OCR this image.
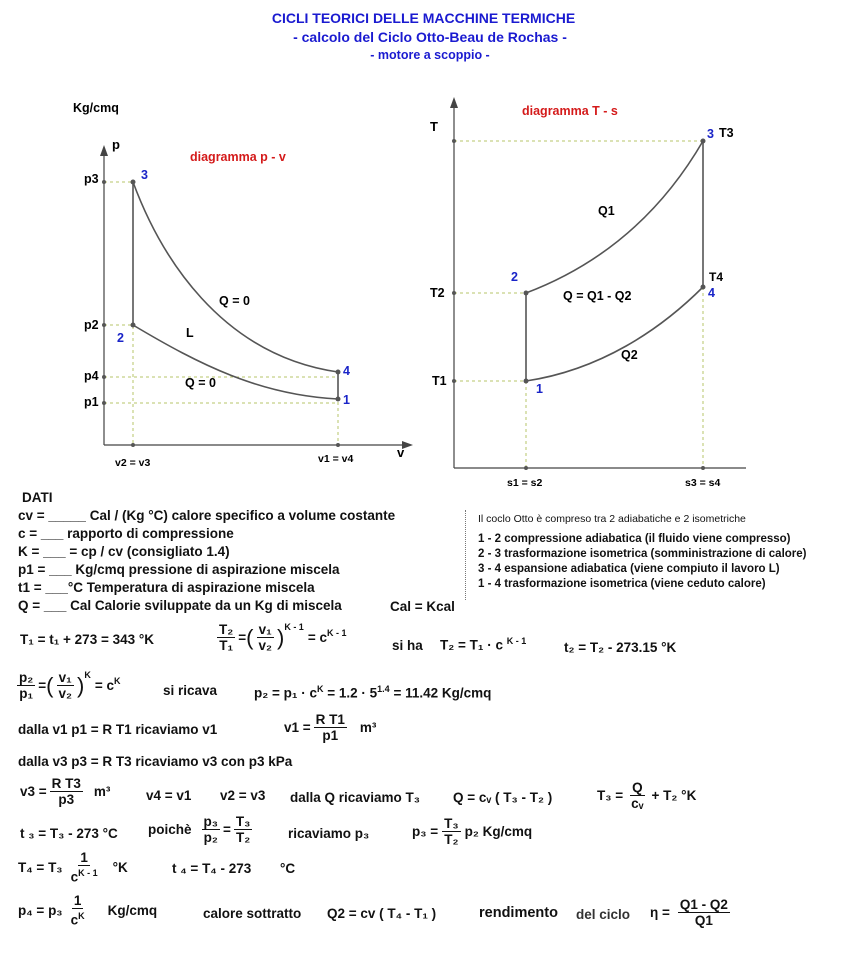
CICLI TEORICI DELLE MACCHINE TERMICHE
- calcolo del Ciclo Otto-Beau de Rochas -
- motore a scoppio -
Kg/cmq
p
diagramma p - v
p3
p2
p4
p1
v2 = v3	v1 = v4	v
3
2
4
1
Q = 0
L
Q = 0
diagramma T - s
T	3 T3
T4
4
T2
T1
2
1
Q1
Q = Q1 - Q2
Q2
s1 = s2	s3 = s4
DATI
cv = _____ Cal / (Kg °C) calore specifico a volume costante
c = ___ rapporto di compressione
K = ___ = cp / cv (consigliato 1.4)
p1 = ___ Kg/cmq pressione di aspirazione miscela
t1 = ___°C Temperatura di aspirazione miscela
Q = ___ Cal Calorie sviluppate da un Kg di miscela	Cal = Kcal
Il coclo Otto è compreso tra 2 adiabatiche e 2 isometriche
1 - 2 compressione adiabatica (il fluido viene compresso)
2 - 3 trasformazione isometrica (somministrazione di calore)
3 - 4 espansione adiabatica (viene compiuto il lavoro L)
1 - 4 trasformazione isometrica (viene ceduto calore)
T₁ = t₁ + 273 = 343 °K	$\frac{\text{T₂}}{\text{T₁}}$ = ( $\frac{\text{v₁}}{\text{v₂}} )^{K - 1}$
= $c^{K - 1}$
si ha T₂ = T₁ · c $^{K - 1}$	t₂ = T₂ - 273.15 °K
$\frac{\text{p₂}}{\text{p₁}}$ = ( $\frac{\text{v₁}}{\text{v₂}} )^K$
= $c^K$
si ricava	$p_2 = p_1 \cdot c^K = 1.2 \cdot 5^{1.4} = 11.42$ Kg/cmq
dalla v1 p1 = R T1 ricaviamo v1	$v1 = \frac{\text{R T1}}{p1} m^3$
dalla v3 p3 = R T3 ricaviamo v3 con p3 kPa
$v3 = \frac{\text{R T3}}{p3} m^3$	v4 = v1 v2 = v3 dalla Q ricaviamo T₃ Q = cᵥ ( T₃ - T₂ )	$T_3 = \frac{Q}{\text{cᵥ}} + T_2$ °K
t ₃ = T₃ - 273 °C poichè $\frac{\text{p₃}}{\text{p₂}} = \frac{\text{T₃}}{\text{T₂}}$	ricaviamo p₃	$p_3 = \frac{\text{T₃}}{\text{T₂}} p_2$ Kg/cmq
$T_4 = T_3 \frac{1}{c^{K - 1}} ^\circ K$	t ₄ = T₄ - 273 °C
$p_4 = p_3 \frac{1}{c^K} Kg/cmq$	calore sottratto Q2 = cv ( T₄ - T₁ )	rendimento del ciclo $\eta = \frac{Q1 - Q2}{Q1}$
